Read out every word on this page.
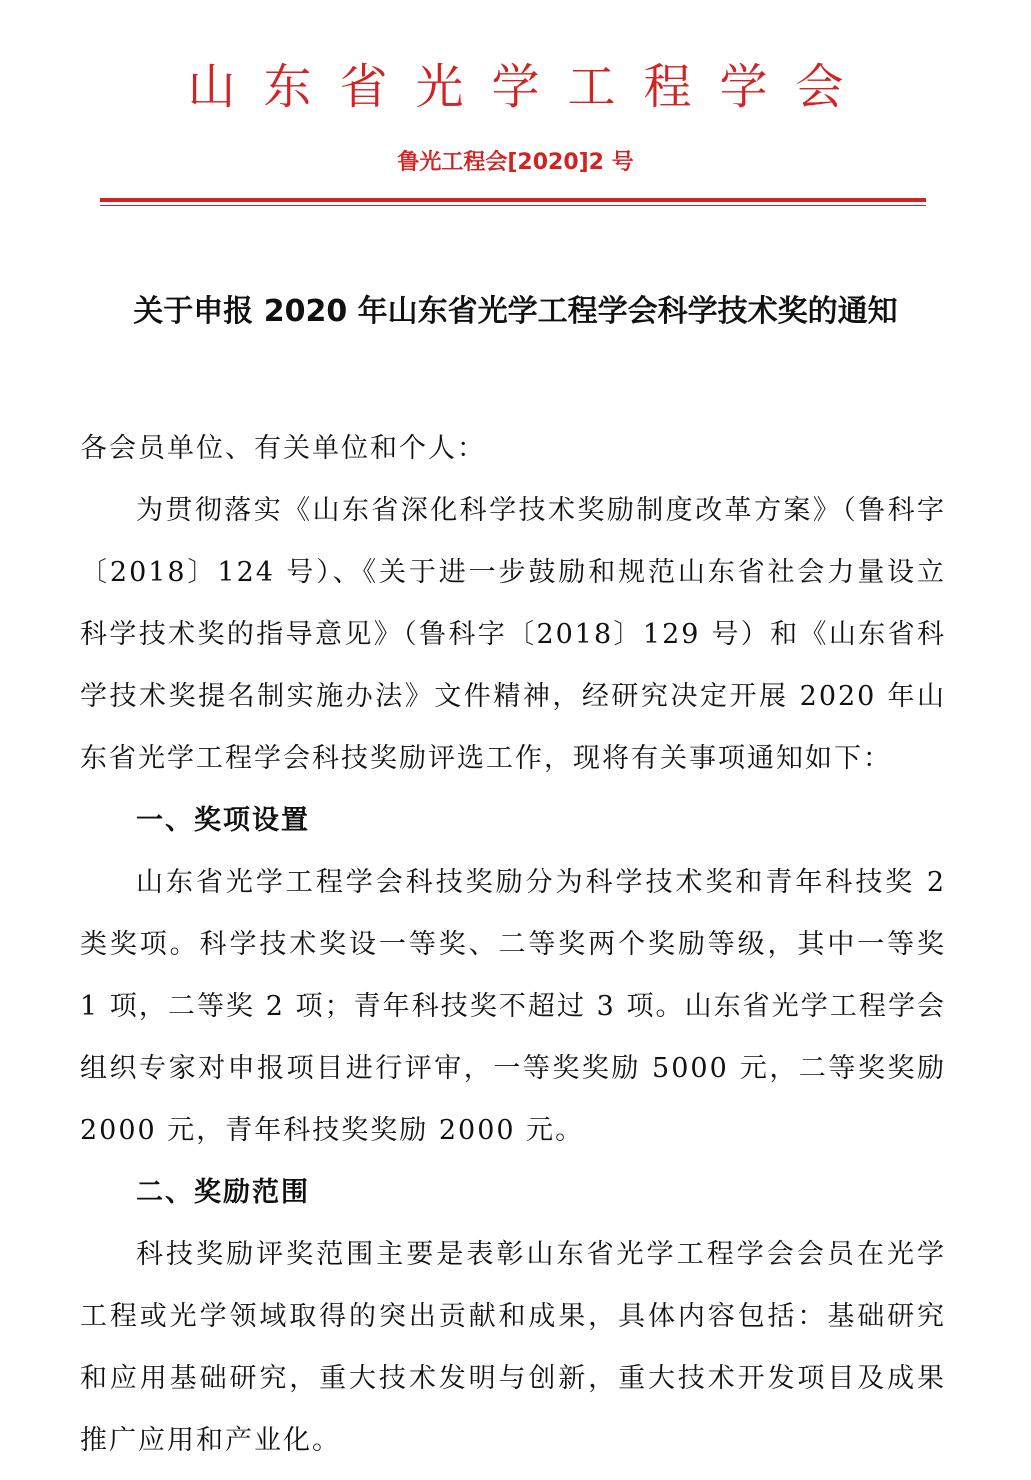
山东省光学工程学会
鲁光工程会[2020]2 号
关于申报 2020 年山东省光学工程学会科学技术奖的通知

各会员单位、有关单位和个人：

为贯彻落实《山东省深化科学技术奖励制度改革方案》（鲁科字〔2018〕124 号）、《关于进一步鼓励和规范山东省社会力量设立科学技术奖的指导意见》（鲁科字〔2018〕129 号）和《山东省科学技术奖提名制实施办法》文件精神，经研究决定开展 2020 年山东省光学工程学会科技奖励评选工作，现将有关事项通知如下：

一、奖项设置

山东省光学工程学会科技奖励分为科学技术奖和青年科技奖 2 类奖项。科学技术奖设一等奖、二等奖两个奖励等级，其中一等奖 1 项，二等奖 2 项；青年科技奖不超过 3 项。山东省光学工程学会组织专家对申报项目进行评审，一等奖奖励 5000 元，二等奖奖励 2000 元，青年科技奖奖励 2000 元。

二、奖励范围

科技奖励评奖范围主要是表彰山东省光学工程学会会员在光学工程或光学领域取得的突出贡献和成果，具体内容包括：基础研究和应用基础研究，重大技术发明与创新，重大技术开发项目及成果推广应用和产业化。
